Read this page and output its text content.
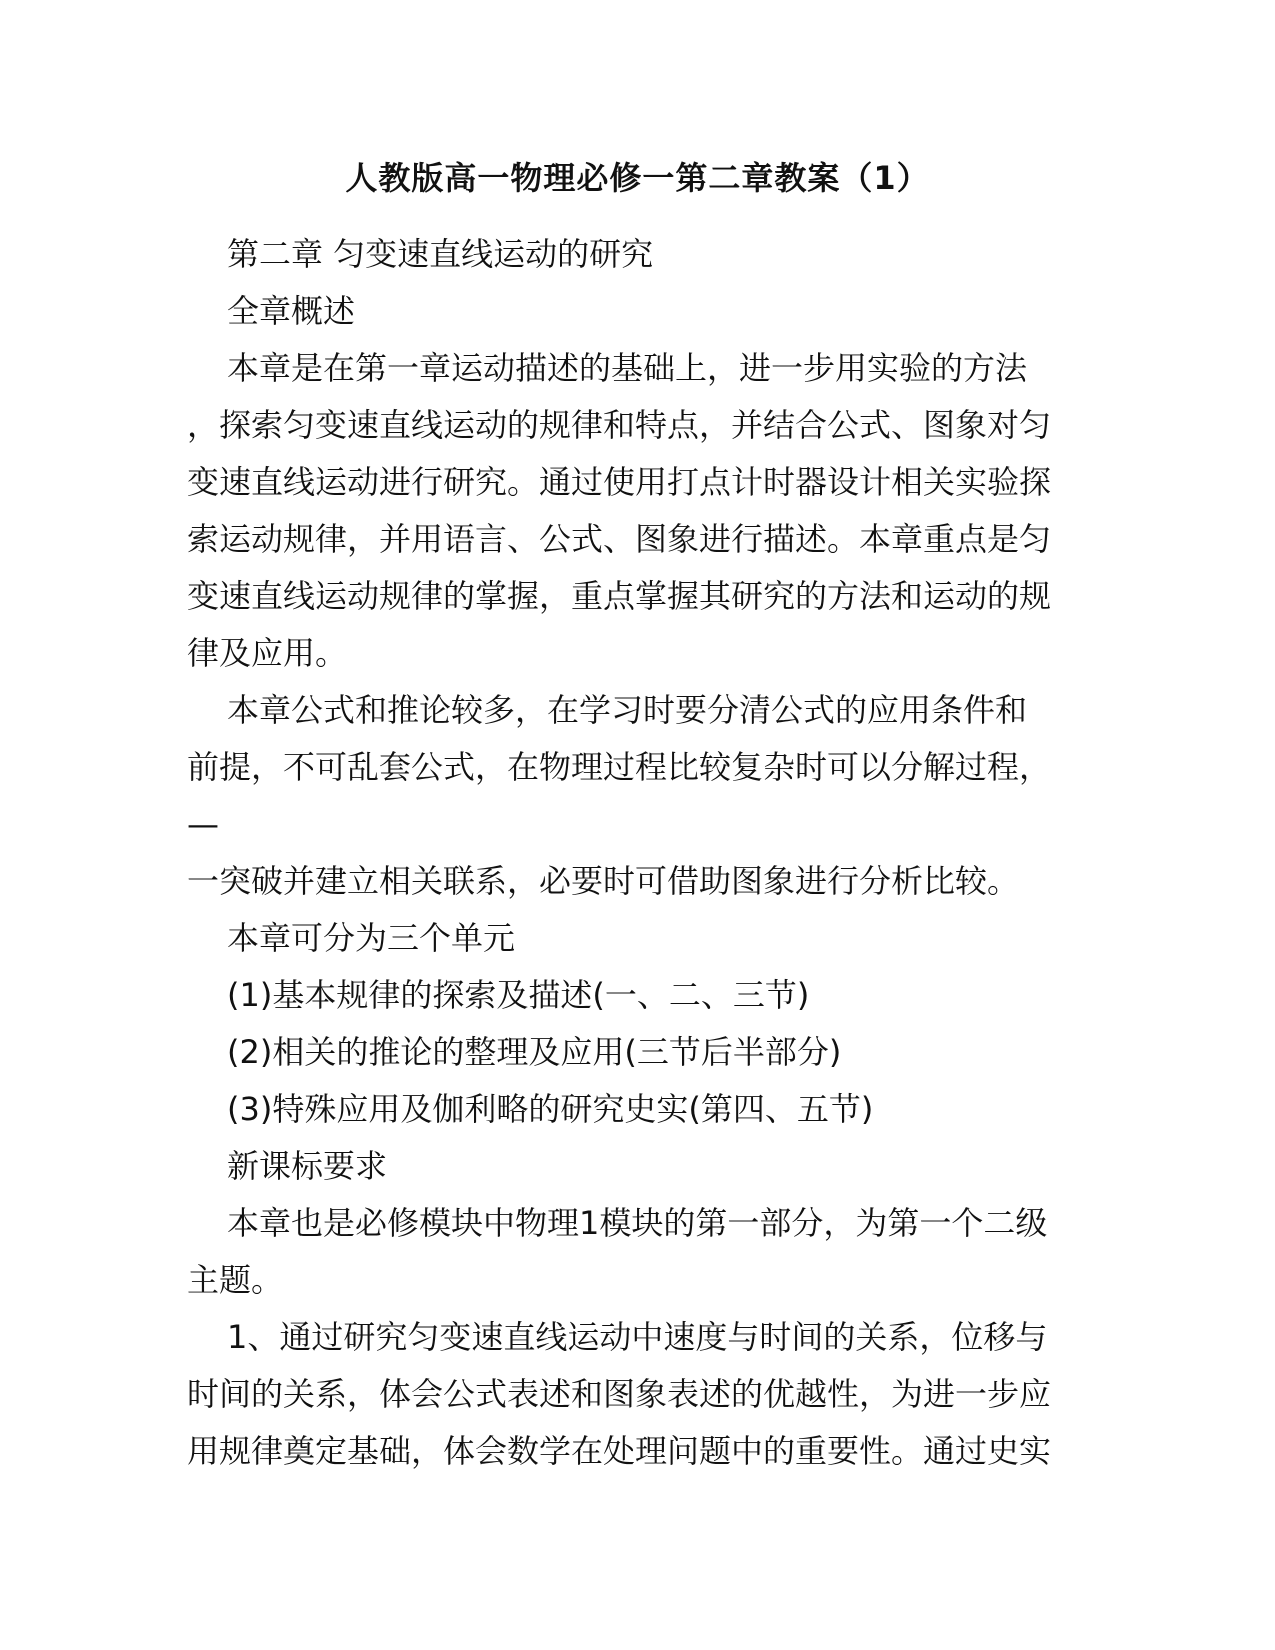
人教版高一物理必修一第二章教案（1）

第二章 匀变速直线运动的研究

全章概述

本章是在第一章运动描述的基础上，进一步用实验的方法

，探索匀变速直线运动的规律和特点，并结合公式、图象对匀

变速直线运动进行研究。通过使用打点计时器设计相关实验探

索运动规律，并用语言、公式、图象进行描述。本章重点是匀

变速直线运动规律的掌握，重点掌握其研究的方法和运动的规

律及应用。

本章公式和推论较多，在学习时要分清公式的应用条件和

前提，不可乱套公式，在物理过程比较复杂时可以分解过程，

—

一突破并建立相关联系，必要时可借助图象进行分析比较。

本章可分为三个单元

(1)基本规律的探索及描述(一、二、三节)

(2)相关的推论的整理及应用(三节后半部分)

(3)特殊应用及伽利略的研究史实(第四、五节)

新课标要求

本章也是必修模块中物理1模块的第一部分，为第一个二级

主题。

1、通过研究匀变速直线运动中速度与时间的关系，位移与

时间的关系，体会公式表述和图象表述的优越性，为进一步应

用规律奠定基础，体会数学在处理问题中的重要性。通过史实
